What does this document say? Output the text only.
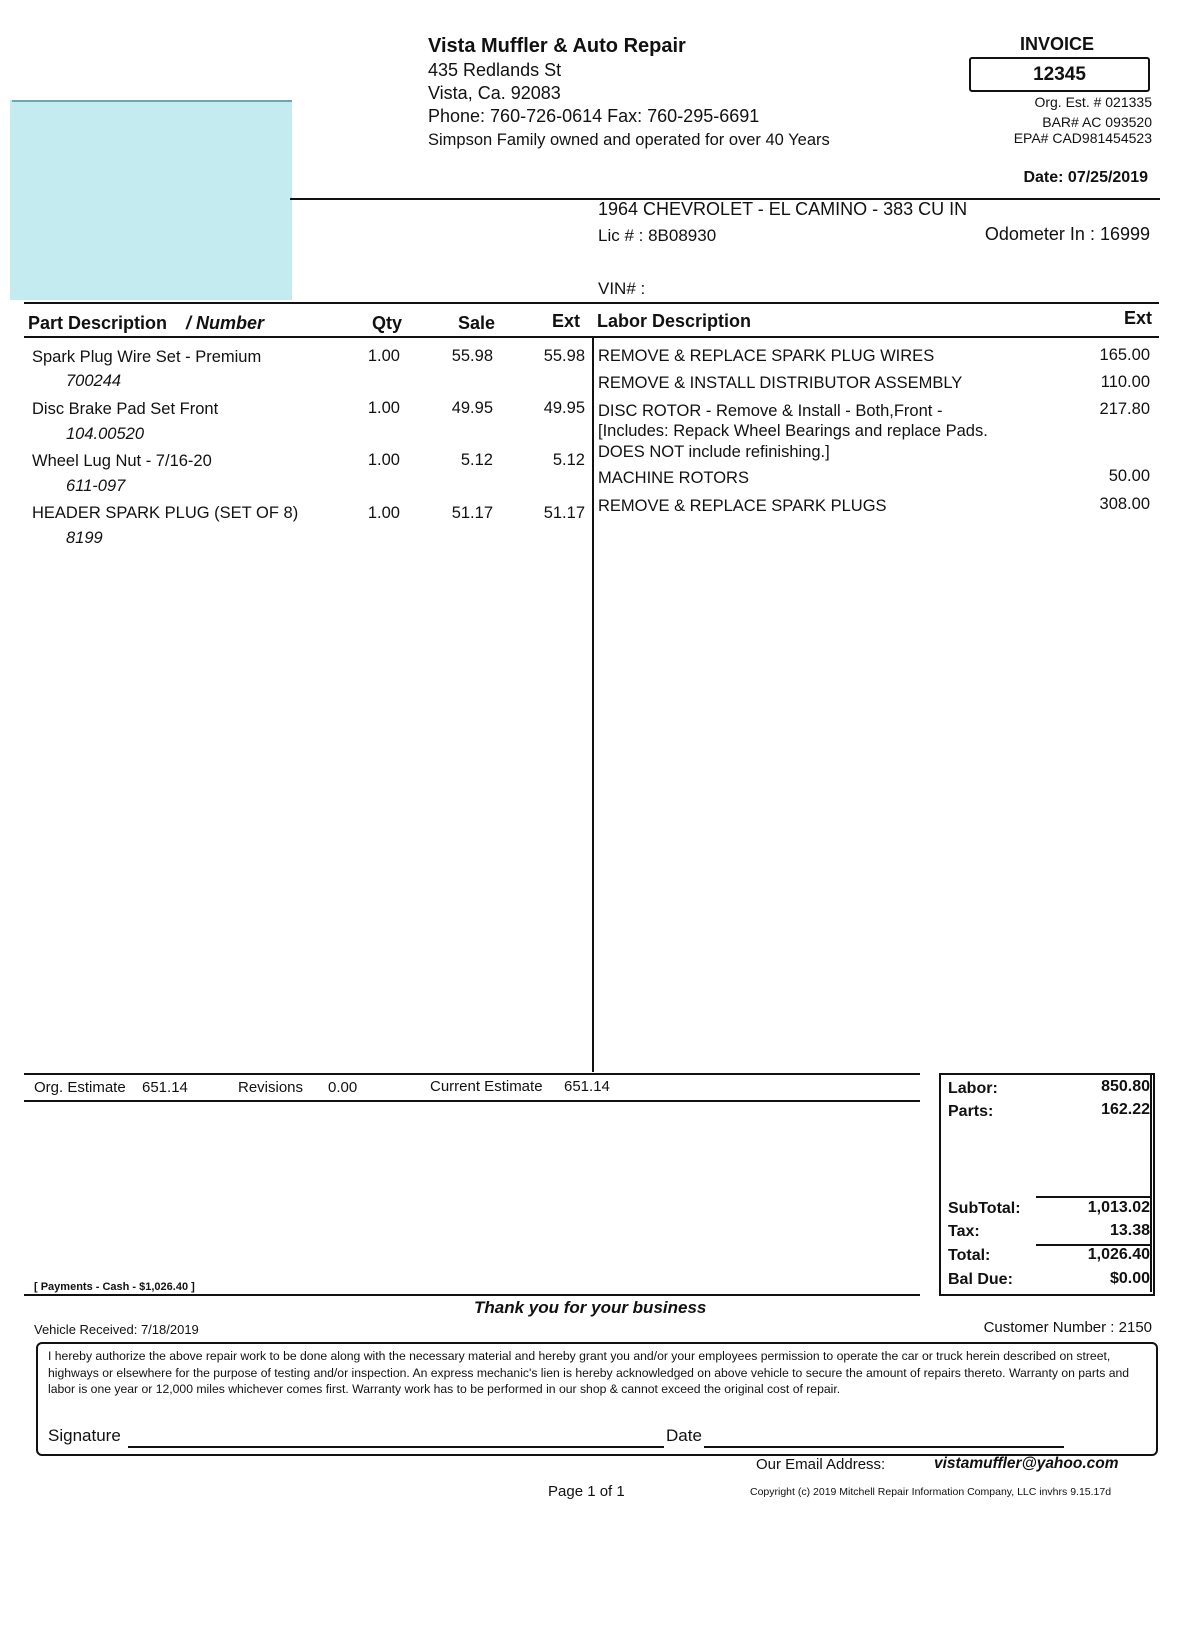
Vista Muffler & Auto Repair
435 Redlands St
Vista, Ca. 92083
Phone: 760-726-0614 Fax: 760-295-6691
Simpson Family owned and operated for over 40 Years
INVOICE
12345
Org. Est. # 021335
BAR# AC 093520
EPA# CAD981454523
Date: 07/25/2019
1964 CHEVROLET - EL CAMINO - 383 CU IN
Lic # : 8B08930	Odometer In : 16999
VIN# :
Part Description / Number	Qty	Sale	Ext Labor Description	Ext
Spark Plug Wire Set - Premium
700244
1.00	55.98	55.98
Disc Brake Pad Set Front
104.00520
1.00	49.95	49.95
Wheel Lug Nut - 7/16-20
611-097
1.00	5.12	5.12
HEADER SPARK PLUG (SET OF 8)
8199
1.00	51.17	51.17
REMOVE & REPLACE SPARK PLUG WIRES	165.00
REMOVE & INSTALL DISTRIBUTOR ASSEMBLY	110.00
DISC ROTOR - Remove & Install - Both,Front -
[Includes: Repack Wheel Bearings and replace Pads.
DOES NOT include refinishing.]
217.80
MACHINE ROTORS	50.00
REMOVE & REPLACE SPARK PLUGS	308.00
Org. Estimate 651.14	Revisions 0.00	Current Estimate 651.14	Labor:	850.80
Parts:	162.22
SubTotal:	1,013.02
Tax:	13.38
Total:	1,026.40
Bal Due:	$0.00
[ Payments - Cash - $1,026.40 ]
Thank you for your business
Vehicle Received: 7/18/2019	Customer Number : 2150
I hereby authorize the above repair work to be done along with the necessary material and hereby grant you and/or your employees permission to operate the car or truck herein described on street, highways or elsewhere for the purpose of testing and/or inspection. An express mechanic's lien is hereby acknowledged on above vehicle to secure the amount of repairs thereto. Warranty on parts and labor is one year or 12,000 miles whichever comes first. Warranty work has to be performed in our shop & cannot exceed the original cost of repair.
Signature	Date
Our Email Address:	vistamuffler@yahoo.com
Page 1 of 1	Copyright (c) 2019 Mitchell Repair Information Company, LLC invhrs 9.15.17d
